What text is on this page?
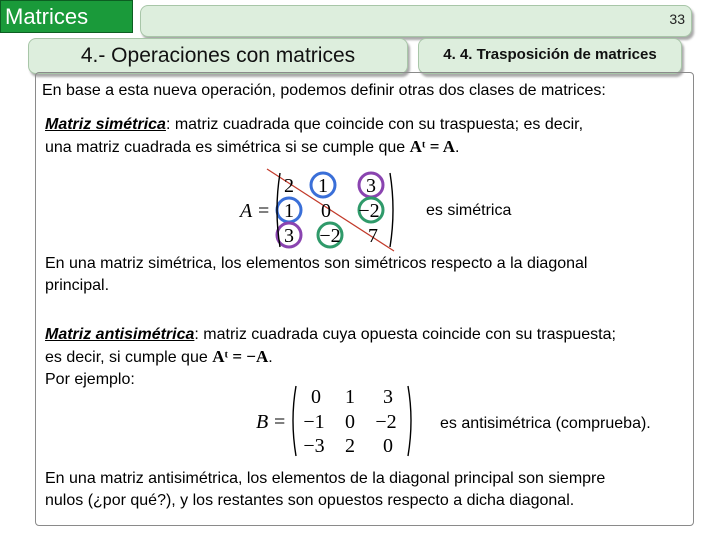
Matrices	33
4.- Operaciones con matrices	4. 4. Trasposición de matrices
En base a esta nueva operación, podemos definir otras dos clases de matrices:
Matriz simétrica: matriz cuadrada que coincide con su traspuesta; es decir,
una matriz cuadrada es simétrica si se cumple que Aᵗ = A.
A =
2 1 3
1 0 −2
3 −2 7
es simétrica
En una matriz simétrica, los elementos son simétricos respecto a la diagonal
principal.
Matriz antisimétrica: matriz cuadrada cuya opuesta coincide con su traspuesta;
es decir, si cumple que Aᵗ = −A.
Por ejemplo:
B =
0 1 3
−1 0 −2
−3 2 0
es antisimétrica (comprueba).
En una matriz antisimétrica, los elementos de la diagonal principal son siempre
nulos (¿por qué?), y los restantes son opuestos respecto a dicha diagonal.
